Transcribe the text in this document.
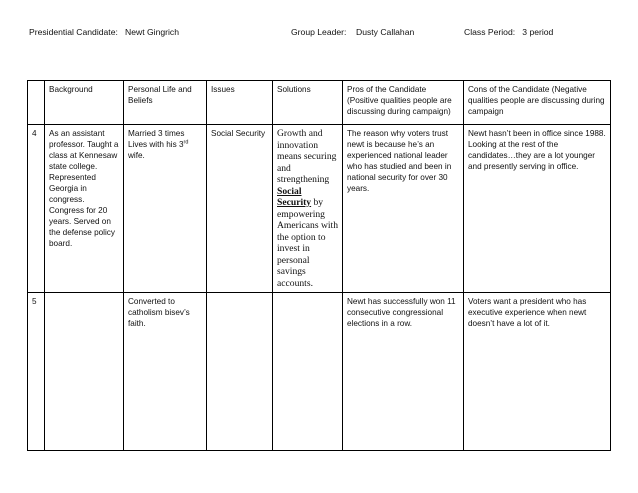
Presidential Candidate: Newt Gingrich	Group Leader: Dusty Callahan	Class Period: 3 period
	Background	Personal Life and Beliefs	Issues	Solutions	Pros of the Candidate (Positive qualities people are discussing during campaign)	Cons of the Candidate (Negative qualities people are discussing during campaign
4	As an assistant professor. Taught a class at Kennesaw state college. Represented Georgia in congress. Congress for 20 years. Served on the defense policy board.	Married 3 times Lives with his 3rd wife.	Social Security	Growth and innovation means securing and strengthening Social Security by empowering Americans with the option to invest in personal savings accounts.	The reason why voters trust newt is because he’s an experienced national leader who has studied and been in national security for over 30 years.	Newt hasn’t been in office since 1988. Looking at the rest of the candidates…they are a lot younger and presently serving in office.
5		Converted to catholism bisev’s faith.			Newt has successfully won 11 consecutive congressional elections in a row.	Voters want a president who has executive experience when newt doesn’t have a lot of it.
